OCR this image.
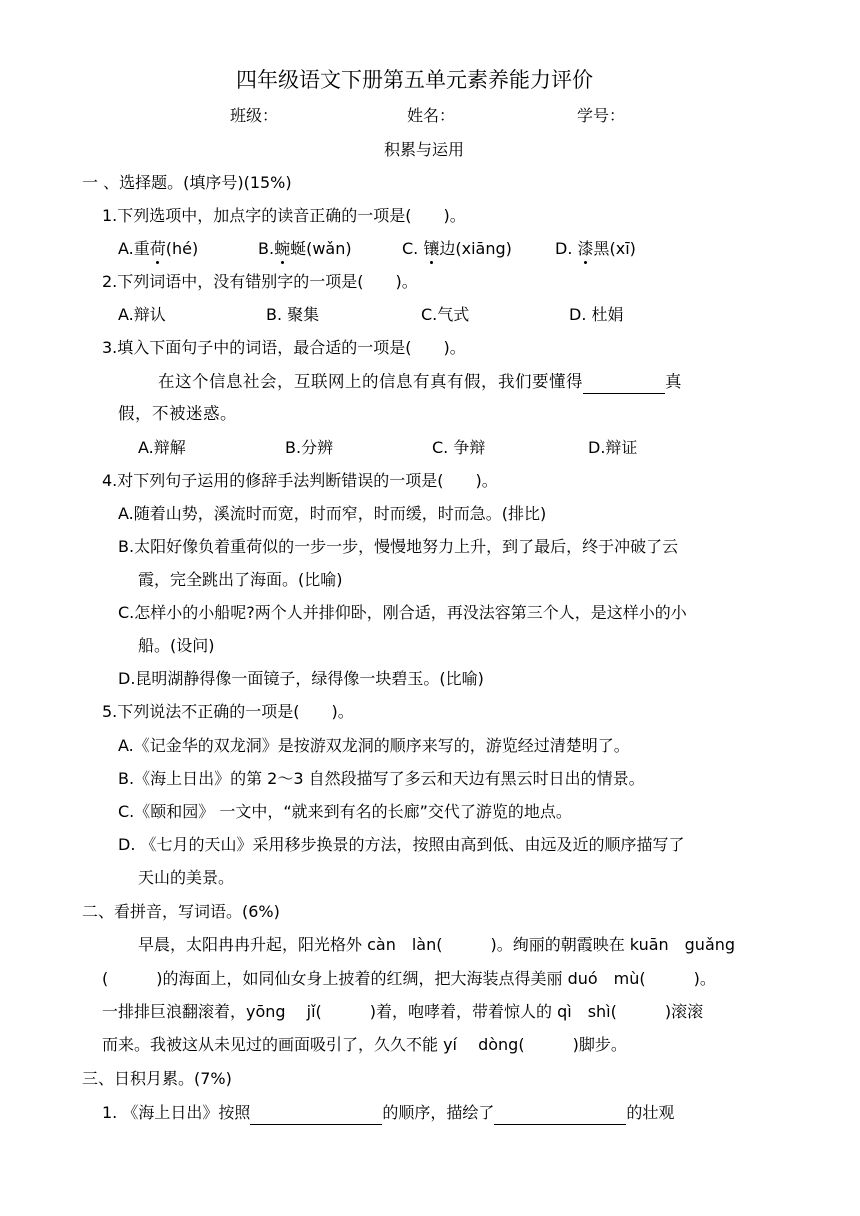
四年级语文下册第五单元素养能力评价
班级：	姓名：	学号：
积累与运用
一 、选择题。(填序号)(15%)
1.下列选项中，加点字的读音正确的一项是(　　)。
A.重荷(hé)	B.蜿蜒(wǎn)	C. 镶边(xiāng)	D. 漆黑(xī)
2.下列词语中，没有错别字的一项是(　　)。
A.辩认	B. 聚集	C.气式	D. 杜娟
3.填入下面句子中的词语，最合适的一项是(　　)。
在这个信息社会，互联网上的信息有真有假，我们要懂得	真
假，不被迷惑。
A.辩解	B.分辨	C. 争辩	D.辩证
4.对下列句子运用的修辞手法判断错误的一项是(　　)。
A.随着山势，溪流时而宽，时而窄，时而缓，时而急。(排比)
B.太阳好像负着重荷似的一步一步，慢慢地努力上升，到了最后，终于冲破了云
霞，完全跳出了海面。(比喻)
C.怎样小的小船呢?两个人并排仰卧，刚合适，再没法容第三个人，是这样小的小
船。(设问)
D.昆明湖静得像一面镜子，绿得像一块碧玉。(比喻)
5.下列说法不正确的一项是(　　)。
A.《记金华的双龙洞》是按游双龙洞的顺序来写的，游览经过清楚明了。
B.《海上日出》的第 2～3 自然段描写了多云和天边有黑云时日出的情景。
C.《颐和园》 一文中，“就来到有名的长廊”交代了游览的地点。
D. 《七月的天山》采用移步换景的方法，按照由高到低、由远及近的顺序描写了
天山的美景。
二、看拼音，写词语。(6%)
早晨，太阳冉冉升起，阳光格外 càn　làn(　　　)。绚丽的朝霞映在 kuān　guǎng
(　　　)的海面上，如同仙女身上披着的红绸，把大海装点得美丽 duó　mù(　　　)。
一排排巨浪翻滚着，yōng　 jǐ(　　　)着，咆哮着，带着惊人的 qì　shì(　　　)滚滚
而来。我被这从未见过的画面吸引了，久久不能 yí　 dòng(　　　)脚步。
三、日积月累。(7%)
1. 《海上日出》按照	的顺序，描绘了	的壮观
